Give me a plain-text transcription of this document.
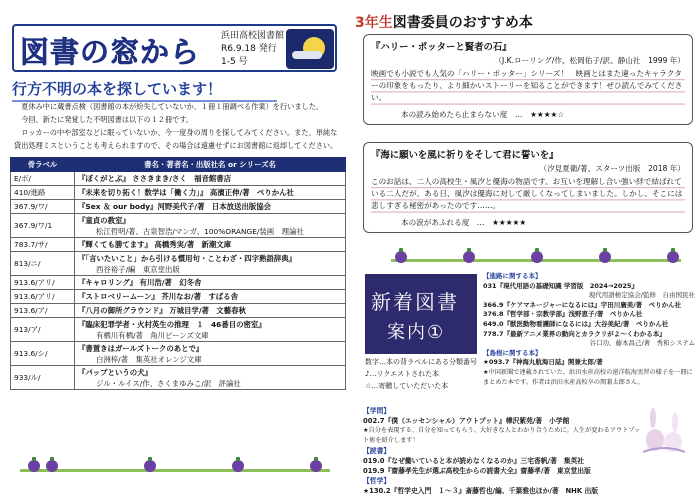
図書の窓から 浜田高校図書館
R6.9.18 発行
1-5 号
行方不明の本を探しています！

夏休み中に蔵書点検（図書館の本が紛失していないか、１冊１冊調べる作業）を行いました。

今回、新たに発覚した不明図書は以下の１２冊です。

ロッカーの中や部室などに眠っていないか、今一度身の周りを探してみてください。また、単純な貸出処理ミスということも考えられますので、その場合は遠慮せずにお図書館に返却してください。

骨ラベル	書名・著者名・出版社名 or シリーズ名
E/ボ/	『ぼくがとぶ』 ささきまき/さく　福音館書店

410/進路	『未来を切り拓く！数学は「働く力」』 高濱正伸/著　ぺりかん社

367.9/ワ/	『Sex ＆ our body』河野美代子/著　日本放送出版協会

367.9/ワ/1	『童貞の教室』
松江哲明/著、古泉智浩/マンガ、100%ORANGE/装画　理論社

783.7/サ/	『輝くても勝てます』 高橋秀実/著　新潮文庫

813/ニ/	『「言いたいこと」から引ける慣用句・ことわざ・四字熟語辞典』
西谷裕子/編　東京堂出版

913.6/アリ/	『キャロリング』 有川浩/著　幻冬舎

913.6/アリ/	『ストロベリームーン』 芥川なお/著　すばる舎

913.6/ア/	『八月の御所グラウンド』 万城目学/著　文藝春秋

913/ア/	『臨床犯罪学者・火村英生の推理　１　46番目の密室』
有栖川有栖/著　角川ビーンズ文庫

913.6/シ/	『書置きはガールズトークのあとで』
白洲梓/著　集英社オレンジ文庫

933/ル/	『パップというの犬』
ジル・ルイス/作、さくまゆみこ/訳　評論社
3年生図書委員のおすすめ本
『ハリー・ポッターと賢者の石』
（J.K.ローリング/作、松岡佑子/訳、静山社　1999 年）
映画でも小説でも人気の「ハリー・ポッター」シリーズ！　映画とはまた違ったキャラクターの印象をもったり、より細かいストーリーを知ることができます！ぜひ読んでみてください。
本の読み始めたら止まらない度　…　★★★★☆
『海に願いを風に祈りをそして君に誓いを』
（汐見夏衛/著、スターツ出版　2018 年）
このお話は、二人の高校生・風汐と優海の物語です。お互いを理解し合い強い絆で結ばれている二人だが、ある日、風汐は優海に対して厳しくなってしまいました。しかし、そこには悲しすぎる秘密があったのです……。
本の涙があふれる度　…　★★★★★
新着図書
案内①
数字…本の背ラベルにある分類番号
♪…リクエストされた本
☆…寄贈していただいた本
【進路に関する本】
031『現代用語の基礎知識 学習版　2024→2025』
現代用語検定協会/監修　自由国民社
366.9『ケアマネージャーになるには』宇田川廣美/著　ぺりかん社
376.8『哲学部・宗教学部』浅野恵子/著　ぺりかん社
649.0『獣医動物看護師になるには』大谷美紀/著　ぺりかん社
778.7『最新アニメ業界の動向とカラクリがよ〜くわかる本』
谷口功、藤本昌己/著　秀和システム
【島根に関する本】
★093.7『神海丸航海日誌』関兼太郎/著
★中国新聞で連載されていた、浜田水産高校の遠洋航海実習の様子を一冊にまとめた本です。作者は浜田水産高校卒の関兼太郎さん。
【学問】
002.7『僕（エッセンシャル）アウトプット』樺沢紫苑/著　小学館
★自分を表現する、自分を知ってもらう、大好きな人とわかり合うために。人生が変わるアウトプット術を紹介します！
【読書】
019.0『なぜ働いていると本が読めなくなるのか』三宅香帆/著　集英社
019.9『齋藤孝先生が選ぶ高校生からの読書大全』齋藤孝/著　東京堂出版
【哲学】
★130.2『哲学史入門　１〜３』斎藤哲也/編、千葉雅也ほか/著　NHK 出版
